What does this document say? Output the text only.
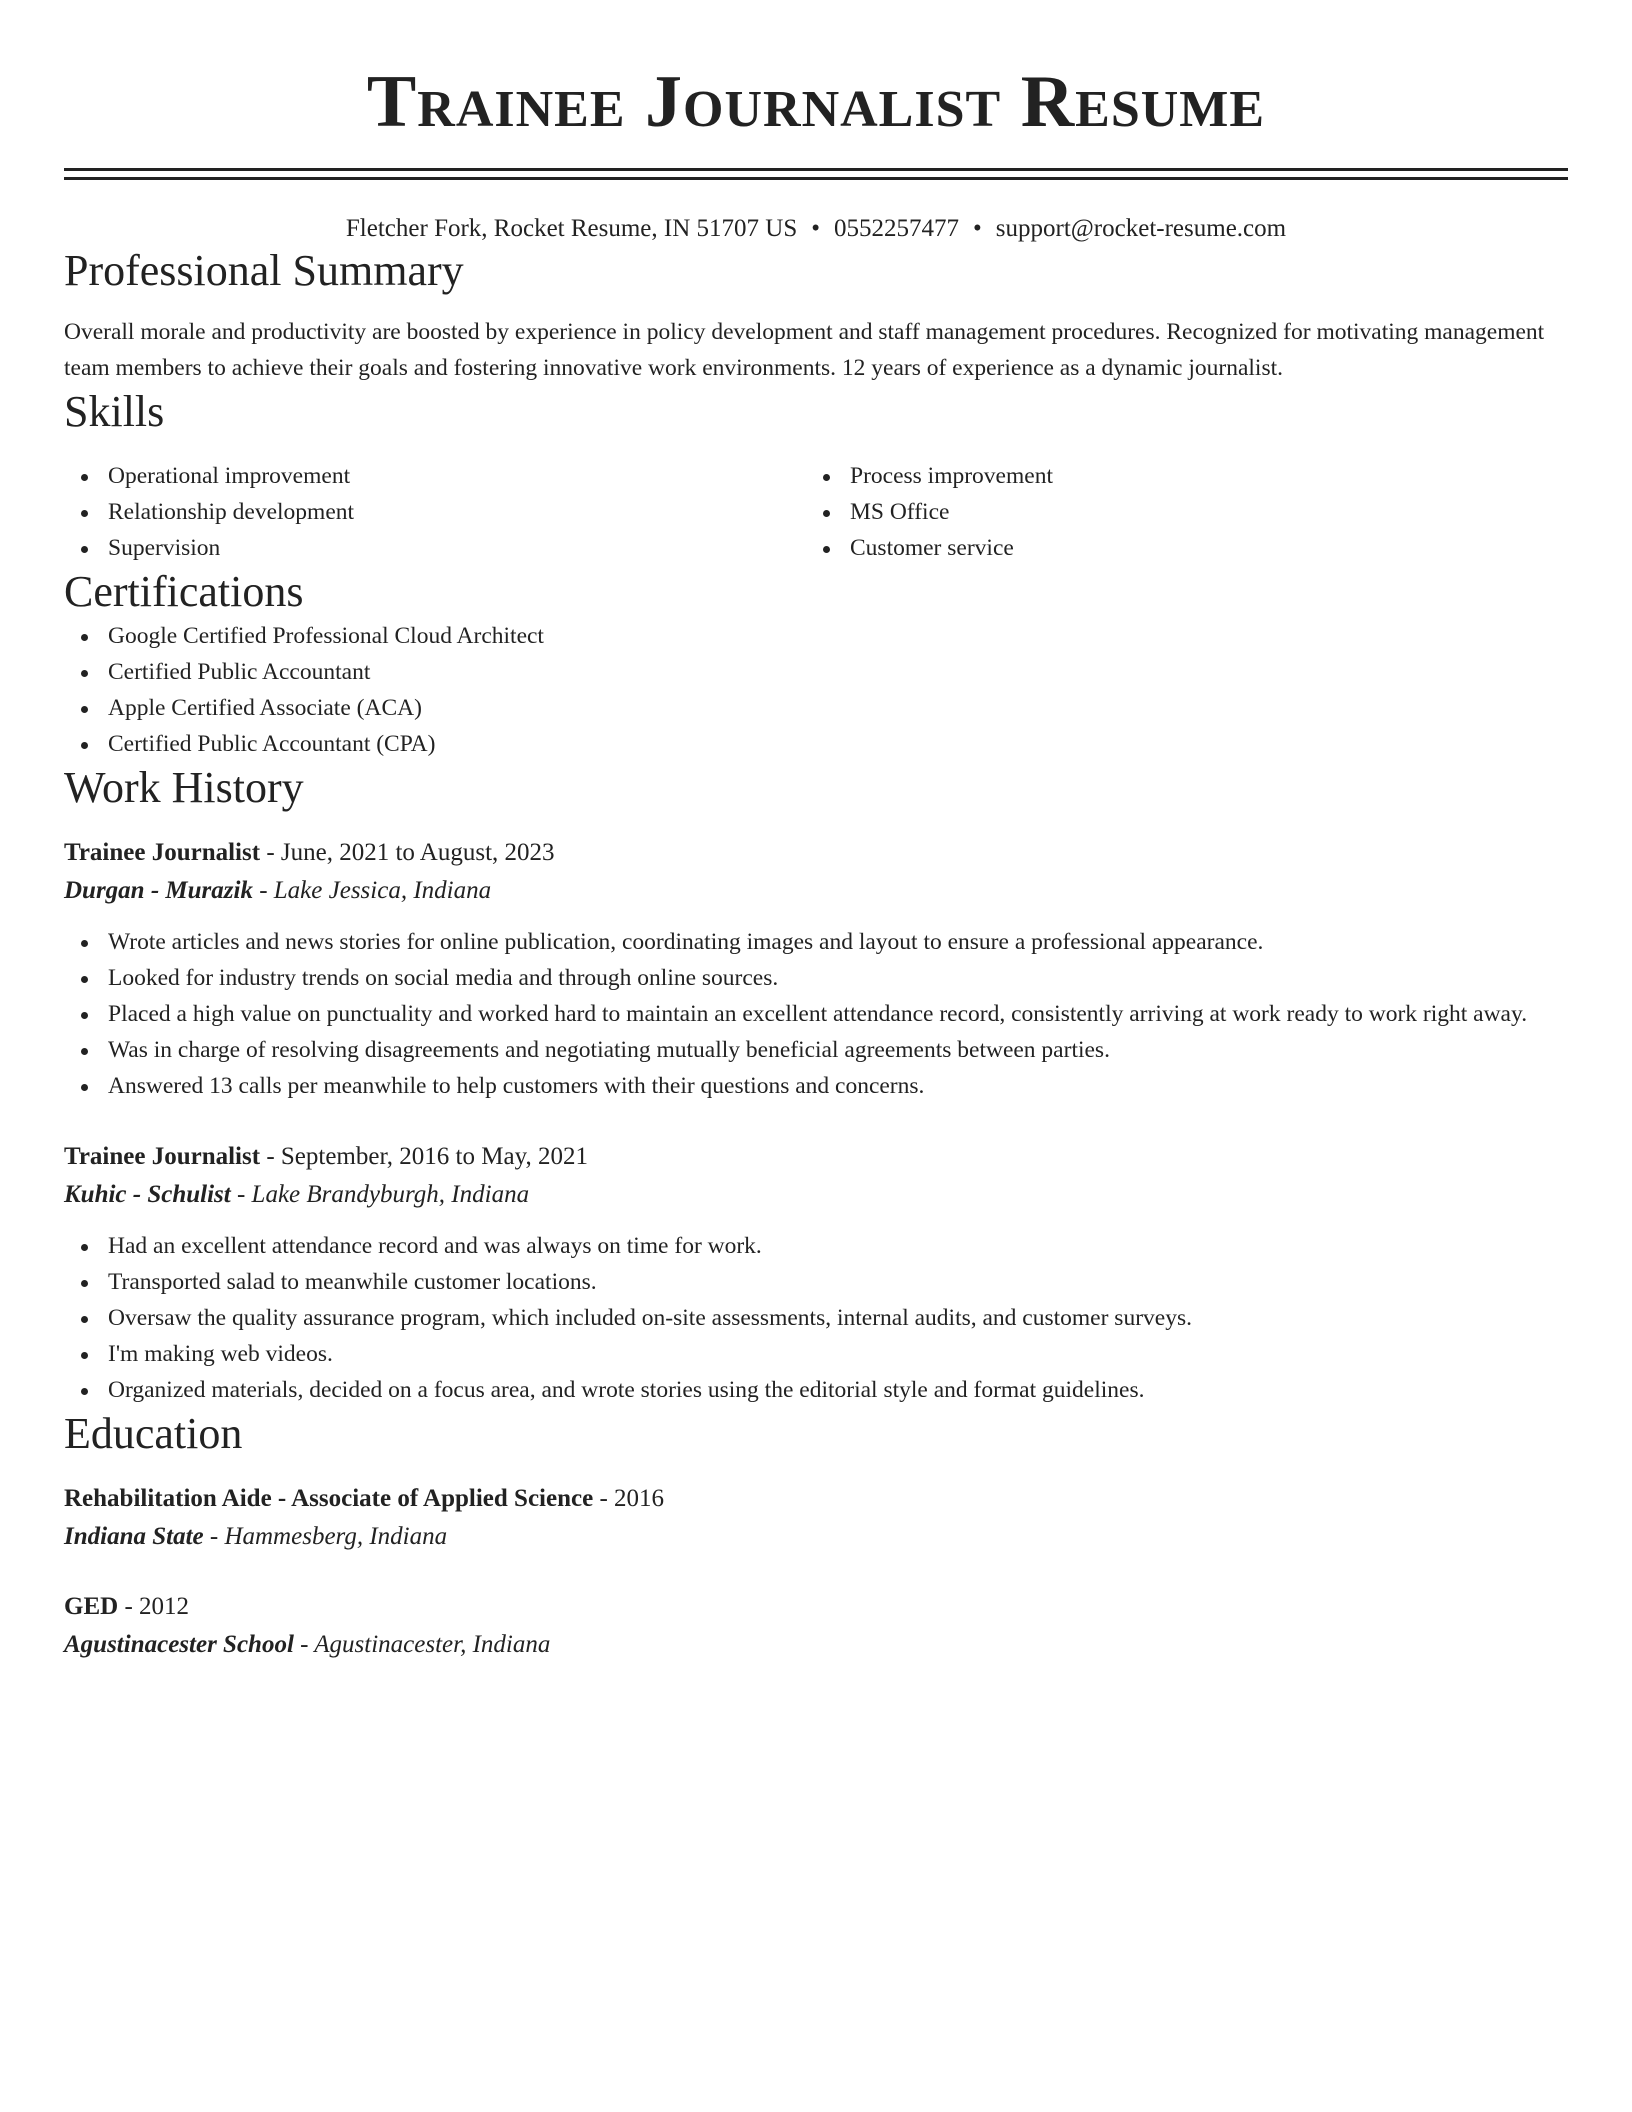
Trainee Journalist Resume
Fletcher Fork, Rocket Resume, IN 51707 US • 0552257477 • support@rocket-resume.com
Professional Summary

Overall morale and productivity are boosted by experience in policy development and staff management procedures. Recognized for motivating management team members to achieve their goals and fostering innovative work environments. 12 years of experience as a dynamic journalist.

Skills
Operational improvement
Relationship development
Supervision
Process improvement
MS Office
Customer service
Certifications
Google Certified Professional Cloud Architect
Certified Public Accountant
Apple Certified Associate (ACA)
Certified Public Accountant (CPA)
Work History
Trainee Journalist - June, 2021 to August, 2023
Durgan - Murazik - Lake Jessica, Indiana
Wrote articles and news stories for online publication, coordinating images and layout to ensure a professional appearance.
Looked for industry trends on social media and through online sources.
Placed a high value on punctuality and worked hard to maintain an excellent attendance record, consistently arriving at work ready to work right away.
Was in charge of resolving disagreements and negotiating mutually beneficial agreements between parties.
Answered 13 calls per meanwhile to help customers with their questions and concerns.
Trainee Journalist - September, 2016 to May, 2021
Kuhic - Schulist - Lake Brandyburgh, Indiana
Had an excellent attendance record and was always on time for work.
Transported salad to meanwhile customer locations.
Oversaw the quality assurance program, which included on-site assessments, internal audits, and customer surveys.
I'm making web videos.
Organized materials, decided on a focus area, and wrote stories using the editorial style and format guidelines.
Education
Rehabilitation Aide - Associate of Applied Science - 2016
Indiana State - Hammesberg, Indiana
GED - 2012
Agustinacester School - Agustinacester, Indiana
